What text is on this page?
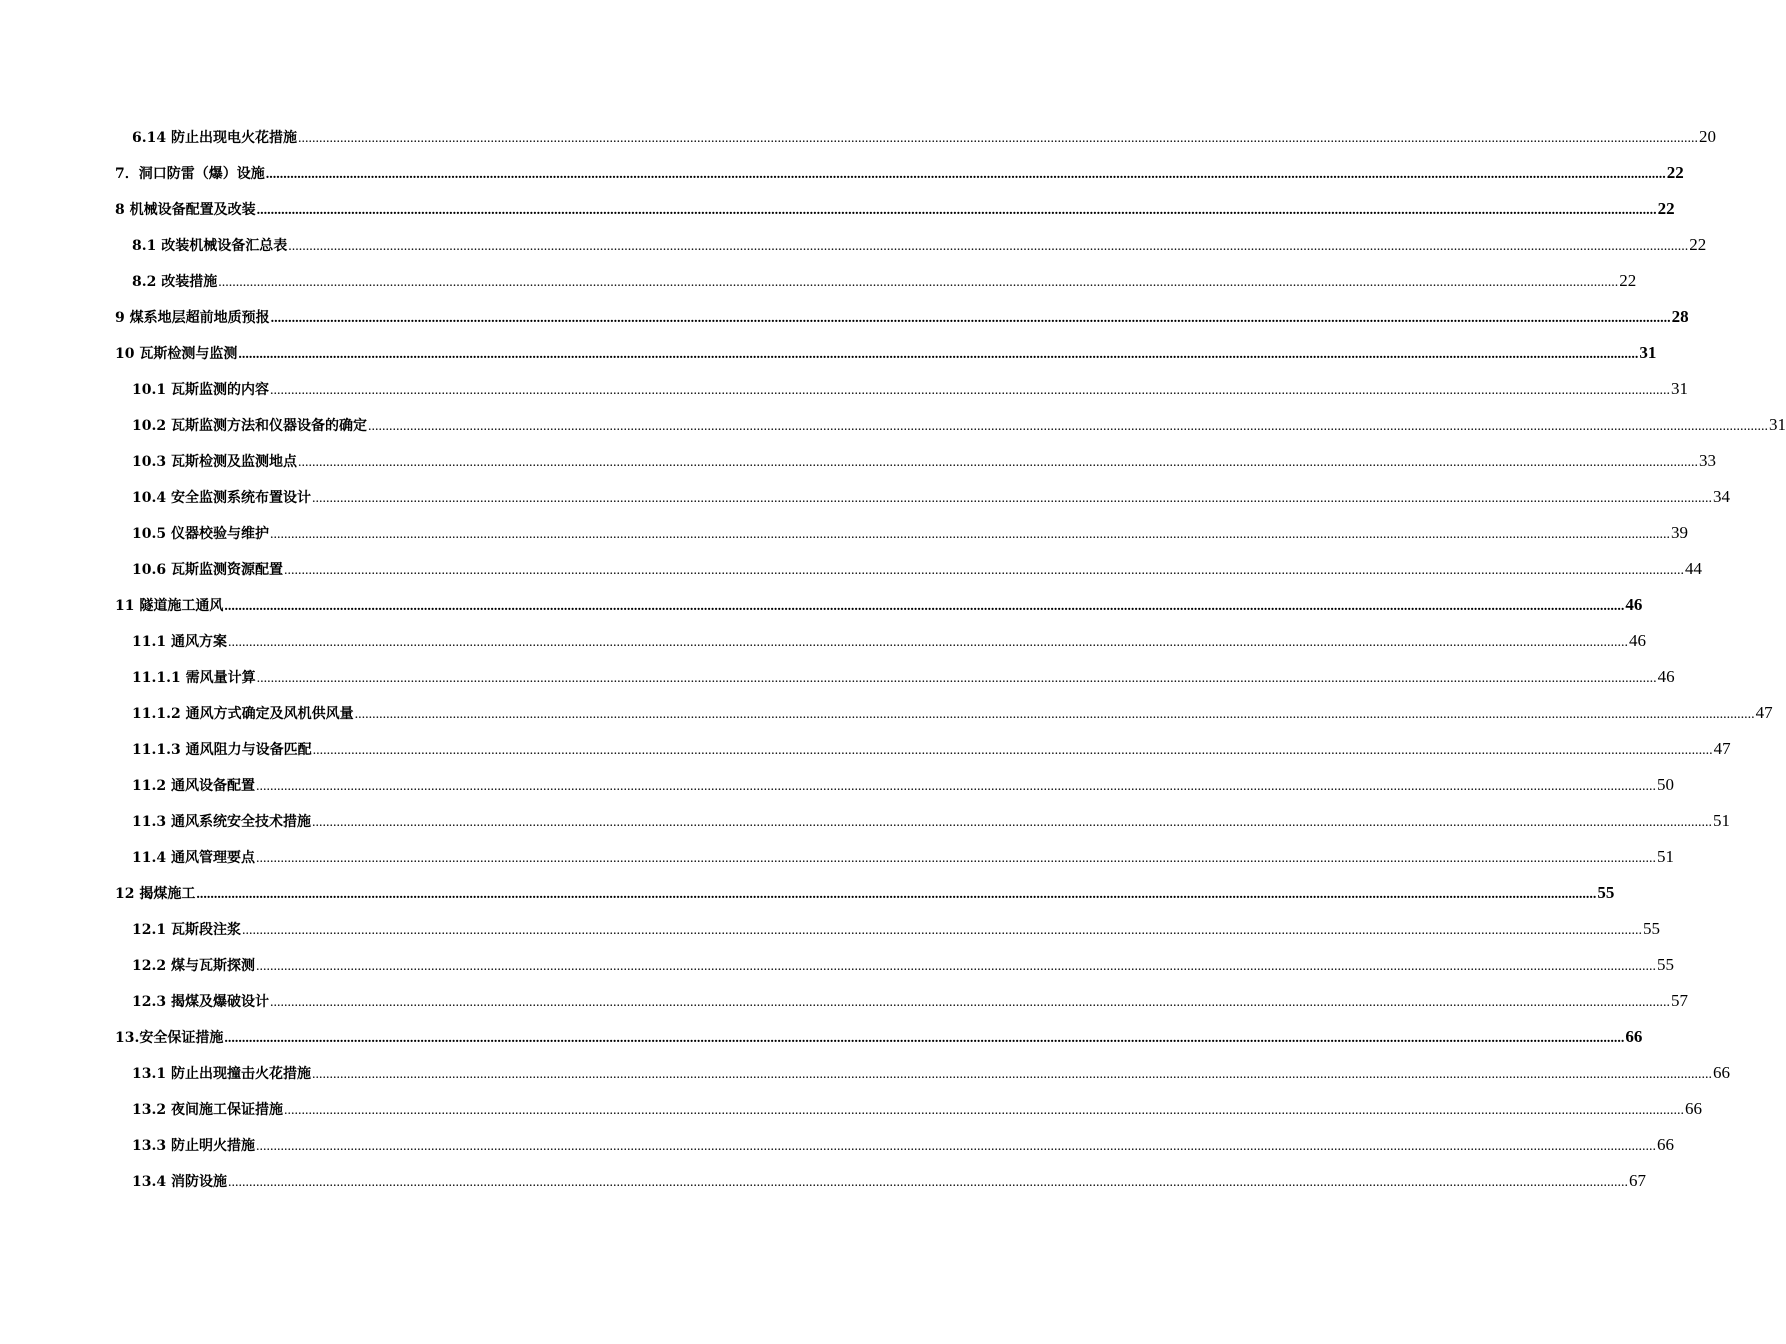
6.14 防止出现电火花措施 ................................................................................................................................................................................................................................................................................................................................................................................................................ 20
7．洞口防雷（爆）设施 ................................................................................................................................................................................................................................................................................................................................................................................................................ 22
8 机械设备配置及改装 ................................................................................................................................................................................................................................................................................................................................................................................................................ 22
8.1 改装机械设备汇总表 ................................................................................................................................................................................................................................................................................................................................................................................................................ 22
8.2 改装措施 ................................................................................................................................................................................................................................................................................................................................................................................................................ 22
9 煤系地层超前地质预报 ................................................................................................................................................................................................................................................................................................................................................................................................................ 28
10 瓦斯检测与监测 ................................................................................................................................................................................................................................................................................................................................................................................................................ 31
10.1 瓦斯监测的内容 ................................................................................................................................................................................................................................................................................................................................................................................................................ 31
10.2 瓦斯监测方法和仪器设备的确定 ................................................................................................................................................................................................................................................................................................................................................................................................................ 31
10.3 瓦斯检测及监测地点 ................................................................................................................................................................................................................................................................................................................................................................................................................ 33
10.4 安全监测系统布置设计 ................................................................................................................................................................................................................................................................................................................................................................................................................ 34
10.5 仪器校验与维护 ................................................................................................................................................................................................................................................................................................................................................................................................................ 39
10.6 瓦斯监测资源配置 ................................................................................................................................................................................................................................................................................................................................................................................................................ 44
11 隧道施工通风 ................................................................................................................................................................................................................................................................................................................................................................................................................ 46
11.1 通风方案 ................................................................................................................................................................................................................................................................................................................................................................................................................ 46
11.1.1 需风量计算 ................................................................................................................................................................................................................................................................................................................................................................................................................ 46
11.1.2 通风方式确定及风机供风量 ................................................................................................................................................................................................................................................................................................................................................................................................................ 47
11.1.3 通风阻力与设备匹配 ................................................................................................................................................................................................................................................................................................................................................................................................................ 47
11.2 通风设备配置 ................................................................................................................................................................................................................................................................................................................................................................................................................ 50
11.3 通风系统安全技术措施 ................................................................................................................................................................................................................................................................................................................................................................................................................ 51
11.4 通风管理要点 ................................................................................................................................................................................................................................................................................................................................................................................................................ 51
12 揭煤施工 ................................................................................................................................................................................................................................................................................................................................................................................................................ 55
12.1 瓦斯段注浆 ................................................................................................................................................................................................................................................................................................................................................................................................................ 55
12.2 煤与瓦斯探测 ................................................................................................................................................................................................................................................................................................................................................................................................................ 55
12.3 揭煤及爆破设计 ................................................................................................................................................................................................................................................................................................................................................................................................................ 57
13.安全保证措施 ................................................................................................................................................................................................................................................................................................................................................................................................................ 66
13.1 防止出现撞击火花措施 ................................................................................................................................................................................................................................................................................................................................................................................................................ 66
13.2 夜间施工保证措施 ................................................................................................................................................................................................................................................................................................................................................................................................................ 66
13.3 防止明火措施 ................................................................................................................................................................................................................................................................................................................................................................................................................ 66
13.4 消防设施 ................................................................................................................................................................................................................................................................................................................................................................................................................ 67
